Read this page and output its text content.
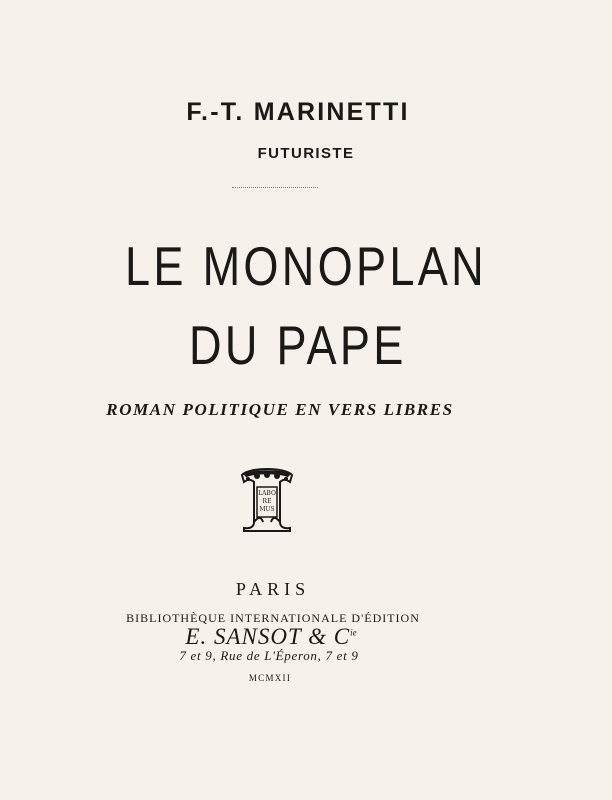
F.-T. MARINETTI
FUTURISTE
LE MONOPLAN
DU PAPE
ROMAN POLITIQUE EN VERS LIBRES
LABO
RE
MUS
PARIS
BIBLIOTHÈQUE INTERNATIONALE D'ÉDITION
E. SANSOT & $C^{ie}$
7 et 9, Rue de L'Éperon, 7 et 9
MCMXII
